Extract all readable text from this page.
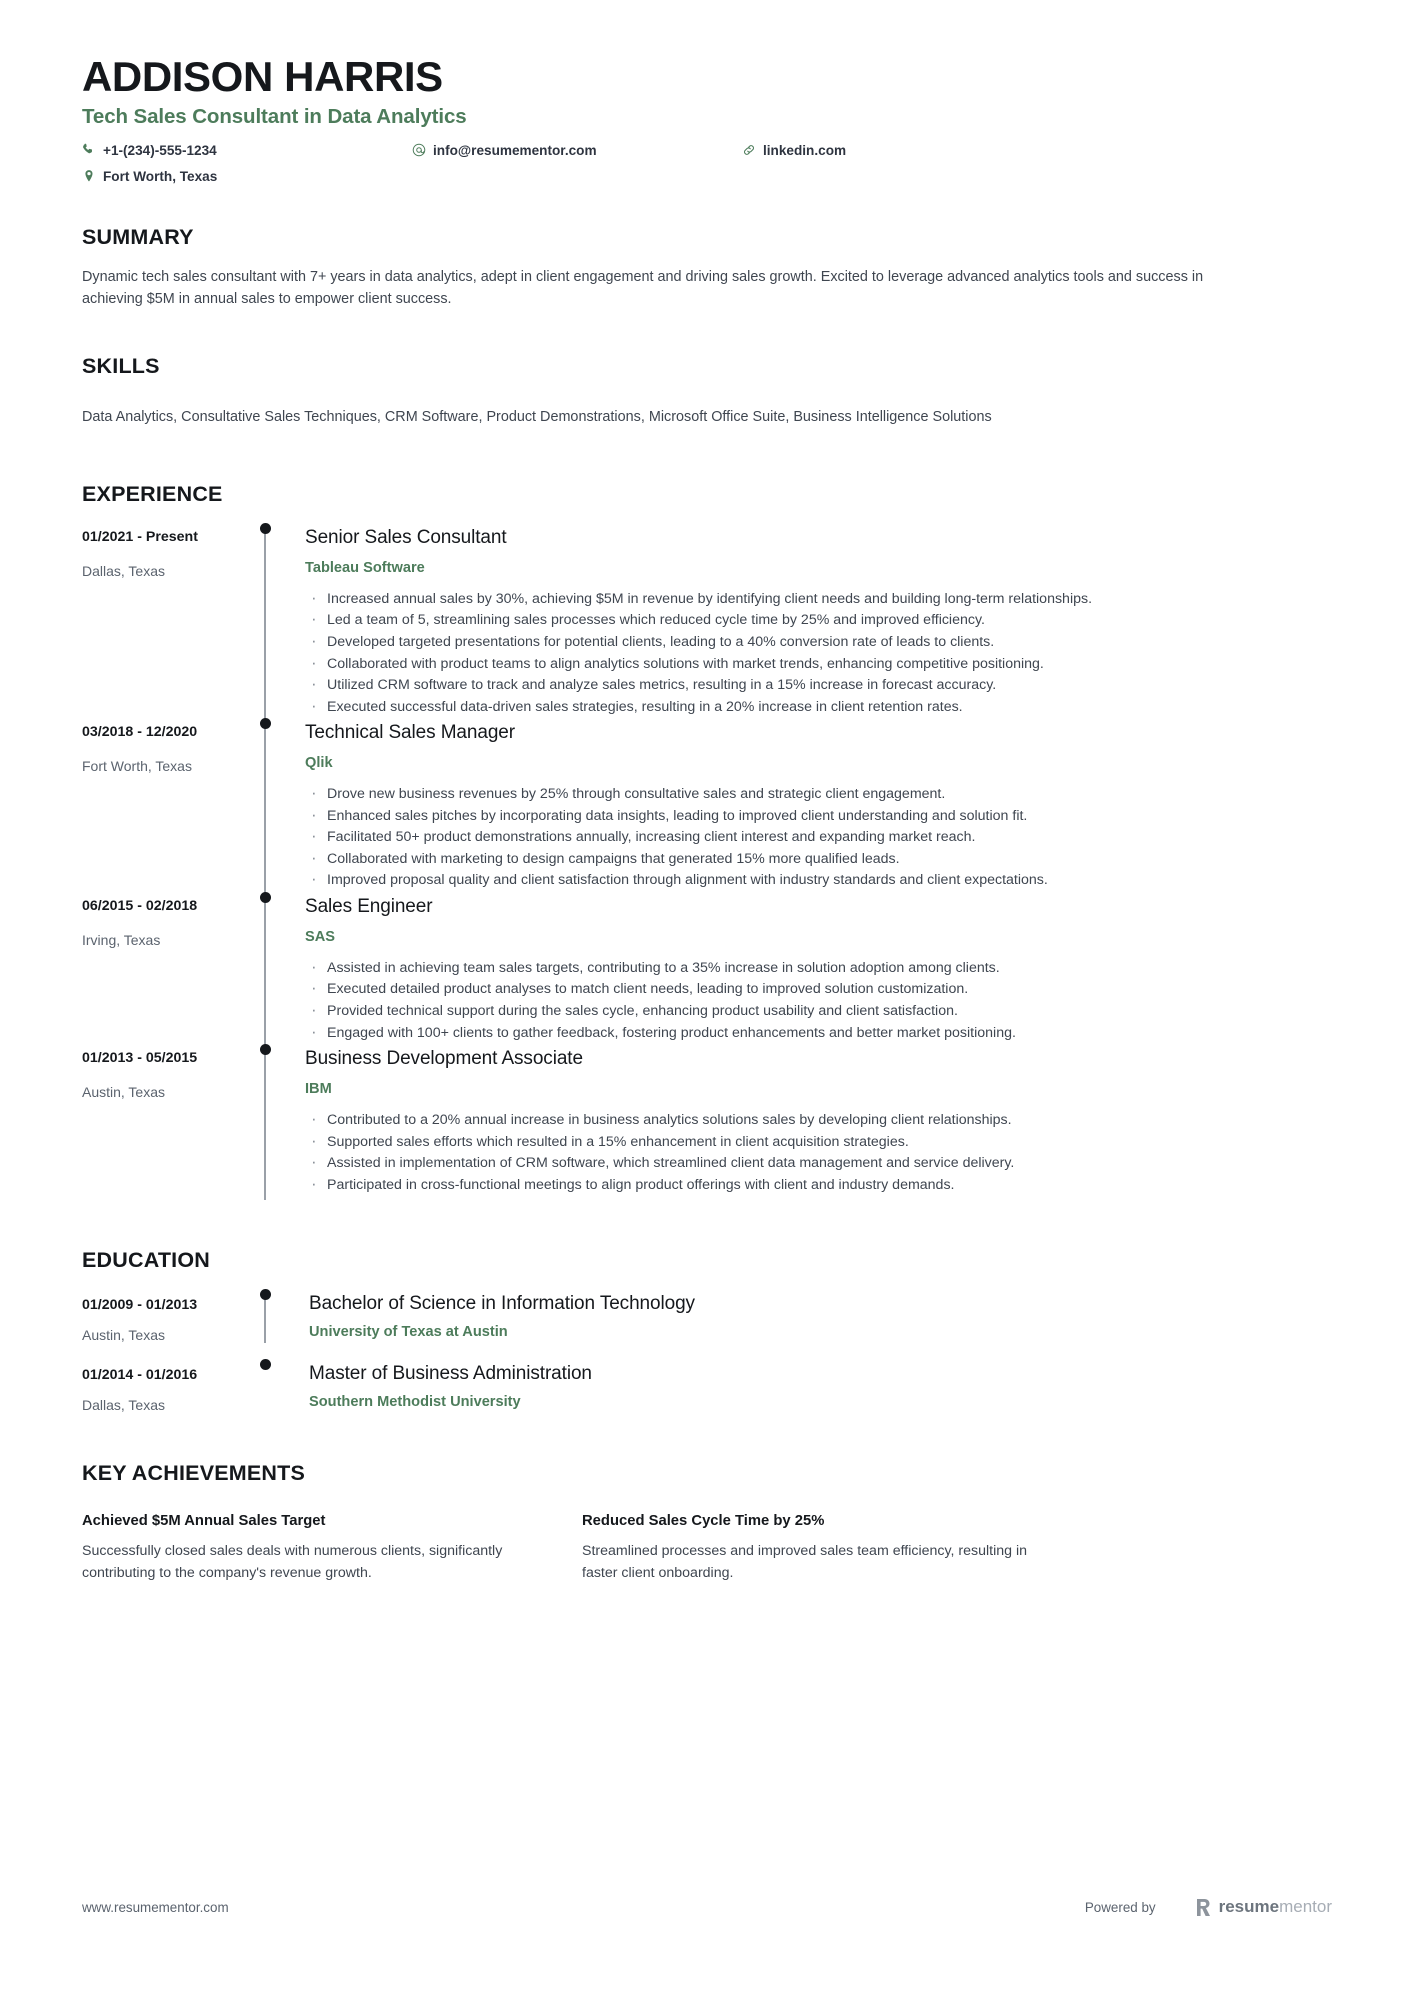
ADDISON HARRIS
Tech Sales Consultant in Data Analytics
+1-(234)-555-1234	info@resumementor.com	linkedin.com
Fort Worth, Texas
SUMMARY
Dynamic tech sales consultant with 7+ years in data analytics, adept in client engagement and driving sales growth. Excited to leverage advanced analytics tools and success in achieving $5M in annual sales to empower client success.
SKILLS
Data Analytics, Consultative Sales Techniques, CRM Software, Product Demonstrations, Microsoft Office Suite, Business Intelligence Solutions
EXPERIENCE
01/2021 - Present
Dallas, Texas
Senior Sales Consultant
Tableau Software
· Increased annual sales by 30%, achieving $5M in revenue by identifying client needs and building long-term relationships.
· Led a team of 5, streamlining sales processes which reduced cycle time by 25% and improved efficiency.
· Developed targeted presentations for potential clients, leading to a 40% conversion rate of leads to clients.
· Collaborated with product teams to align analytics solutions with market trends, enhancing competitive positioning.
· Utilized CRM software to track and analyze sales metrics, resulting in a 15% increase in forecast accuracy.
· Executed successful data-driven sales strategies, resulting in a 20% increase in client retention rates.
03/2018 - 12/2020
Fort Worth, Texas
Technical Sales Manager
Qlik
· Drove new business revenues by 25% through consultative sales and strategic client engagement.
· Enhanced sales pitches by incorporating data insights, leading to improved client understanding and solution fit.
· Facilitated 50+ product demonstrations annually, increasing client interest and expanding market reach.
· Collaborated with marketing to design campaigns that generated 15% more qualified leads.
· Improved proposal quality and client satisfaction through alignment with industry standards and client expectations.
06/2015 - 02/2018
Irving, Texas
Sales Engineer
SAS
· Assisted in achieving team sales targets, contributing to a 35% increase in solution adoption among clients.
· Executed detailed product analyses to match client needs, leading to improved solution customization.
· Provided technical support during the sales cycle, enhancing product usability and client satisfaction.
· Engaged with 100+ clients to gather feedback, fostering product enhancements and better market positioning.
01/2013 - 05/2015
Austin, Texas
Business Development Associate
IBM
· Contributed to a 20% annual increase in business analytics solutions sales by developing client relationships.
· Supported sales efforts which resulted in a 15% enhancement in client acquisition strategies.
· Assisted in implementation of CRM software, which streamlined client data management and service delivery.
· Participated in cross-functional meetings to align product offerings with client and industry demands.
EDUCATION
01/2009 - 01/2013
Austin, Texas
Bachelor of Science in Information Technology
University of Texas at Austin
01/2014 - 01/2016
Dallas, Texas
Master of Business Administration
Southern Methodist University
KEY ACHIEVEMENTS
Achieved $5M Annual Sales Target
Successfully closed sales deals with numerous clients, significantly contributing to the company's revenue growth.
Reduced Sales Cycle Time by 25%
Streamlined processes and improved sales team efficiency, resulting in faster client onboarding.
www.resumementor.com	Powered by	resume mentor
